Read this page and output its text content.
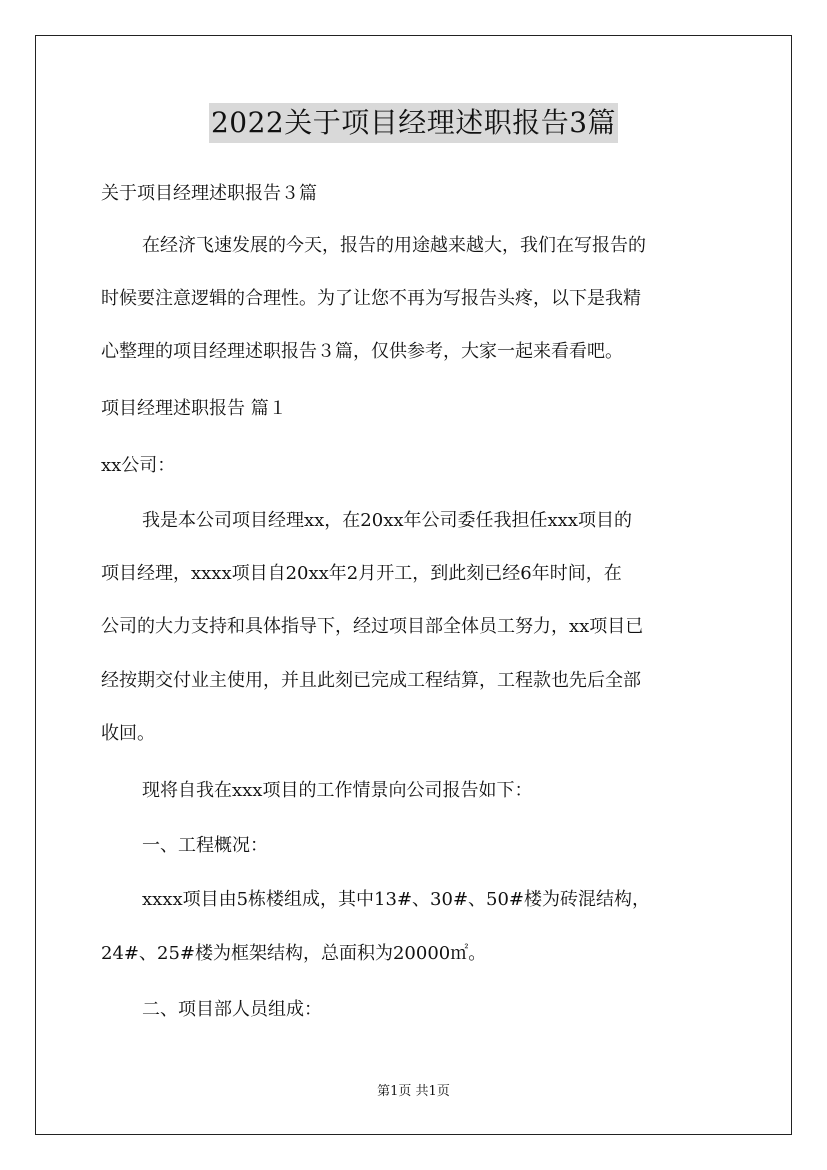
2022关于项目经理述职报告3篇
关于项目经理述职报告３篇
在经济飞速发展的今天，报告的用途越来越大，我们在写报告的
时候要注意逻辑的合理性。为了让您不再为写报告头疼，以下是我精
心整理的项目经理述职报告３篇，仅供参考，大家一起来看看吧。
项目经理述职报告 篇１
xx公司：
我是本公司项目经理xx，在20xx年公司委任我担任xxx项目的
项目经理，xxxx项目自20xx年2月开工，到此刻已经6年时间，在
公司的大力支持和具体指导下，经过项目部全体员工努力，xx项目已
经按期交付业主使用，并且此刻已完成工程结算，工程款也先后全部
收回。
现将自我在xxx项目的工作情景向公司报告如下：
一、工程概况：
xxxx项目由5栋楼组成，其中13#、30#、50#楼为砖混结构，
24#、25#楼为框架结构，总面积为20000㎡。
二、项目部人员组成：
第1页 共1页
